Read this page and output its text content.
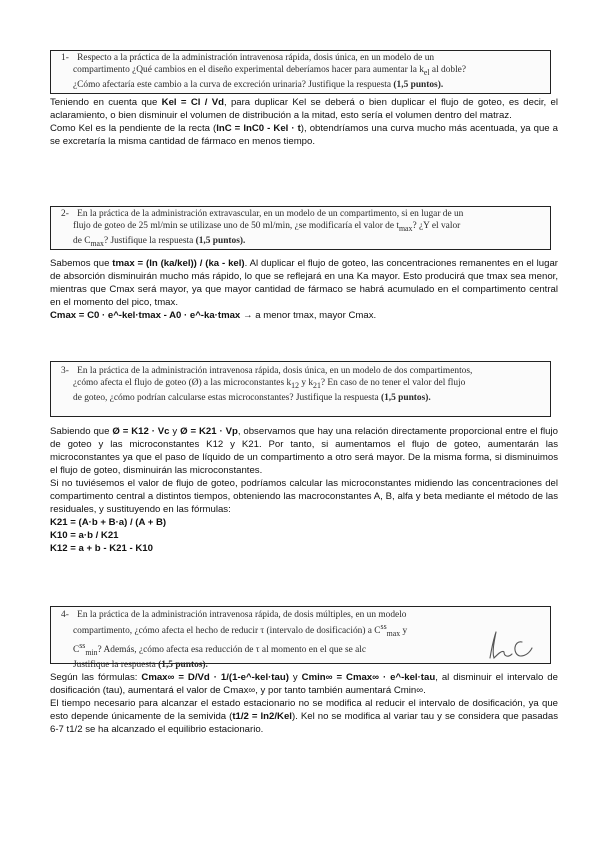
1- Respecto a la práctica de la administración intravenosa rápida, dosis única, en un modelo de un
compartimento ¿Qué cambios en el diseño experimental deberíamos hacer para aumentar la $k_{el}$ al doble?
¿Cómo afectaría este cambio a la curva de excreción urinaria? Justifique la respuesta (1,5 puntos).

Teniendo en cuenta que Kel = Cl / Vd, para duplicar Kel se deberá o bien duplicar el flujo de goteo, es decir, el aclaramiento, o bien disminuir el volumen de distribución a la mitad, esto sería el volumen dentro del matraz.

Como Kel es la pendiente de la recta (lnC = lnC0 - Kel · t), obtendríamos una curva mucho más acentuada, ya que a se excretaría la misma cantidad de fármaco en menos tiempo.

2- En la práctica de la administración extravascular, en un modelo de un compartimento, si en lugar de un
flujo de goteo de 25 ml/min se utilizase uno de 50 ml/min, ¿se modificaría el valor de $t_{max}$? ¿Y el valor
de $C_{max}$? Justifique la respuesta (1,5 puntos).

Sabemos que tmax = (ln (ka/kel)) / (ka - kel). Al duplicar el flujo de goteo, las concentraciones remanentes en el lugar de absorción disminuirán mucho más rápido, lo que se reflejará en una Ka mayor. Esto producirá que tmax sea menor, mientras que Cmax será mayor, ya que mayor cantidad de fármaco se habrá acumulado en el compartimento central en el momento del pico, tmax.

Cmax = C0 · e^-kel·tmax - A0 · e^-ka·tmax → a menor tmax, mayor Cmax.

3- En la práctica de la administración intravenosa rápida, dosis única, en un modelo de dos compartimentos,
¿cómo afecta el flujo de goteo (Ø) a las microconstantes $k_{12}$ y $k_{21}$? En caso de no tener el valor del flujo
de goteo, ¿cómo podrían calcularse estas microconstantes? Justifique la respuesta (1,5 puntos).

Sabiendo que Ø = K12 · Vc y Ø = K21 · Vp, observamos que hay una relación directamente proporcional entre el flujo de goteo y las microconstantes K12 y K21. Por tanto, si aumentamos el flujo de goteo, aumentarán las microconstantes ya que el paso de líquido de un compartimento a otro será mayor. De la misma forma, si disminuimos el flujo de goteo, disminuirán las microconstantes.

Si no tuviésemos el valor de flujo de goteo, podríamos calcular las microconstantes midiendo las concentraciones del compartimento central a distintos tiempos, obteniendo las macroconstantes A, B, alfa y beta mediante el método de las residuales, y sustituyendo en las fórmulas:

K21 = (A·b + B·a) / (A + B)

K10 = a·b / K21

K12 = a + b - K21 - K10

4- En la práctica de la administración intravenosa rápida, de dosis múltiples, en un modelo
compartimento, ¿cómo afecta el hecho de reducir τ (intervalo de dosificación) a $C^{ss}_{max}$ y
$C^{ss}_{min}$? Además, ¿cómo afecta esa reducción de τ al momento en el que se alc
Justifique la respuesta (1,5 puntos).

Según las fórmulas: Cmax∞ = D/Vd · 1/(1-e^-kel·tau) y Cmin∞ = Cmax∞ · e^-kel·tau, al disminuir el intervalo de dosificación (tau), aumentará el valor de Cmax∞, y por tanto también aumentará Cmin∞.

El tiempo necesario para alcanzar el estado estacionario no se modifica al reducir el intervalo de dosificación, ya que esto depende únicamente de la semivida (t1/2 = ln2/Kel). Kel no se modifica al variar tau y se considera que pasadas 6-7 t1/2 se ha alcanzado el equilibrio estacionario.
